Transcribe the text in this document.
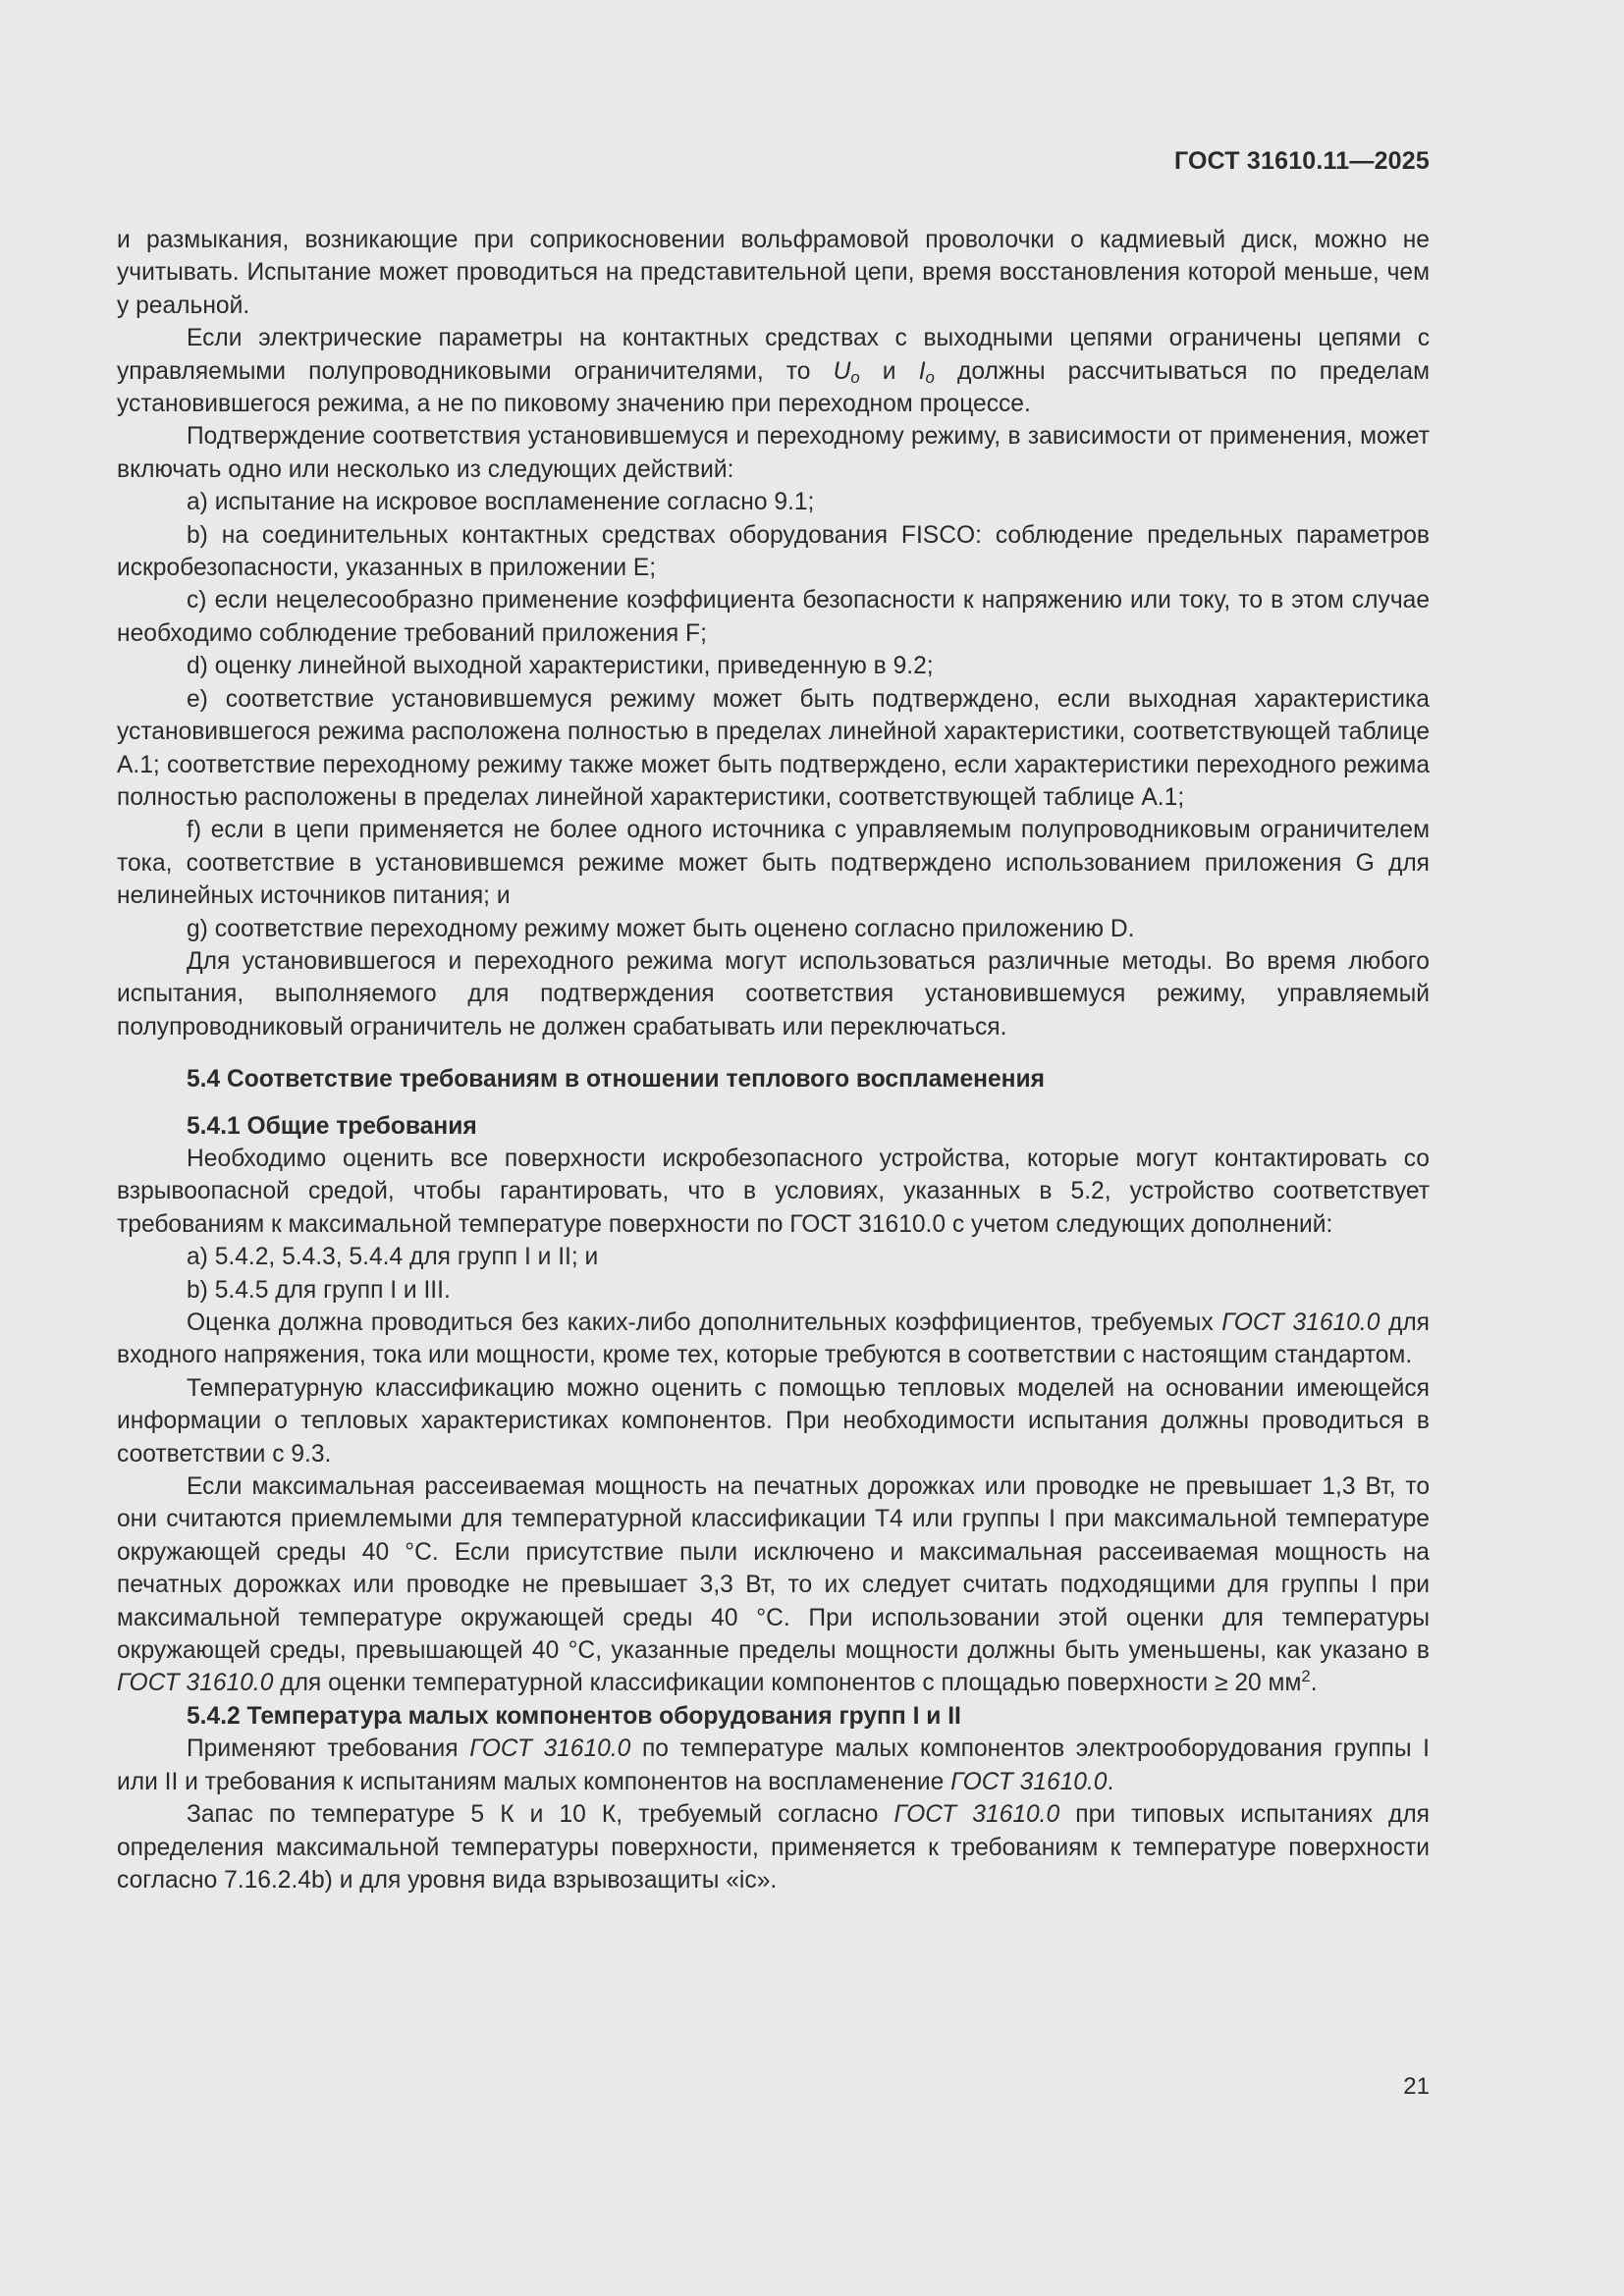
ГОСТ 31610.11—2025

и размыкания, возникающие при соприкосновении вольфрамовой проволочки о кадмиевый диск, можно не учитывать. Испытание может проводиться на представительной цепи, время восстановления которой меньше, чем у реальной.

Если электрические параметры на контактных средствах с выходными цепями ограничены цепями с управляемыми полупроводниковыми ограничителями, то $U_o$ и $I_o$ должны рассчитываться по пределам установившегося режима, а не по пиковому значению при переходном процессе.

Подтверждение соответствия установившемуся и переходному режиму, в зависимости от применения, может включать одно или несколько из следующих действий:

a) испытание на искровое воспламенение согласно 9.1;

b) на соединительных контактных средствах оборудования FISCO: соблюдение предельных параметров искробезопасности, указанных в приложении E;

c) если нецелесообразно применение коэффициента безопасности к напряжению или току, то в этом случае необходимо соблюдение требований приложения F;

d) оценку линейной выходной характеристики, приведенную в 9.2;

e) соответствие установившемуся режиму может быть подтверждено, если выходная характеристика установившегося режима расположена полностью в пределах линейной характеристики, соответствующей таблице А.1; соответствие переходному режиму также может быть подтверждено, если характеристики переходного режима полностью расположены в пределах линейной характеристики, соответствующей таблице А.1;

f) если в цепи применяется не более одного источника с управляемым полупроводниковым ограничителем тока, соответствие в установившемся режиме может быть подтверждено использованием приложения G для нелинейных источников питания; и

g) соответствие переходному режиму может быть оценено согласно приложению D.

Для установившегося и переходного режима могут использоваться различные методы. Во время любого испытания, выполняемого для подтверждения соответствия установившемуся режиму, управляемый полупроводниковый ограничитель не должен срабатывать или переключаться.

5.4 Соответствие требованиям в отношении теплового воспламенения

5.4.1 Общие требования

Необходимо оценить все поверхности искробезопасного устройства, которые могут контактировать со взрывоопасной средой, чтобы гарантировать, что в условиях, указанных в 5.2, устройство соответствует требованиям к максимальной температуре поверхности по ГОСТ 31610.0 с учетом следующих дополнений:

a) 5.4.2, 5.4.3, 5.4.4 для групп I и II; и

b) 5.4.5 для групп I и III.

Оценка должна проводиться без каких-либо дополнительных коэффициентов, требуемых ГОСТ 31610.0 для входного напряжения, тока или мощности, кроме тех, которые требуются в соответствии с настоящим стандартом.

Температурную классификацию можно оценить с помощью тепловых моделей на основании имеющейся информации о тепловых характеристиках компонентов. При необходимости испытания должны проводиться в соответствии с 9.3.

Если максимальная рассеиваемая мощность на печатных дорожках или проводке не превышает 1,3 Вт, то они считаются приемлемыми для температурной классификации Т4 или группы I при максимальной температуре окружающей среды 40 °С. Если присутствие пыли исключено и максимальная рассеиваемая мощность на печатных дорожках или проводке не превышает 3,3 Вт, то их следует считать подходящими для группы I при максимальной температуре окружающей среды 40 °С. При использовании этой оценки для температуры окружающей среды, превышающей 40 °С, указанные пределы мощности должны быть уменьшены, как указано в ГОСТ 31610.0 для оценки температурной классификации компонентов с площадью поверхности ≥ 20 $мм^2$.

5.4.2 Температура малых компонентов оборудования групп I и II

Применяют требования ГОСТ 31610.0 по температуре малых компонентов электрооборудования группы I или II и требования к испытаниям малых компонентов на воспламенение ГОСТ 31610.0.

Запас по температуре 5 К и 10 К, требуемый согласно ГОСТ 31610.0 при типовых испытаниях для определения максимальной температуры поверхности, применяется к требованиям к температуре поверхности согласно 7.16.2.4b) и для уровня вида взрывозащиты «ic».

21
